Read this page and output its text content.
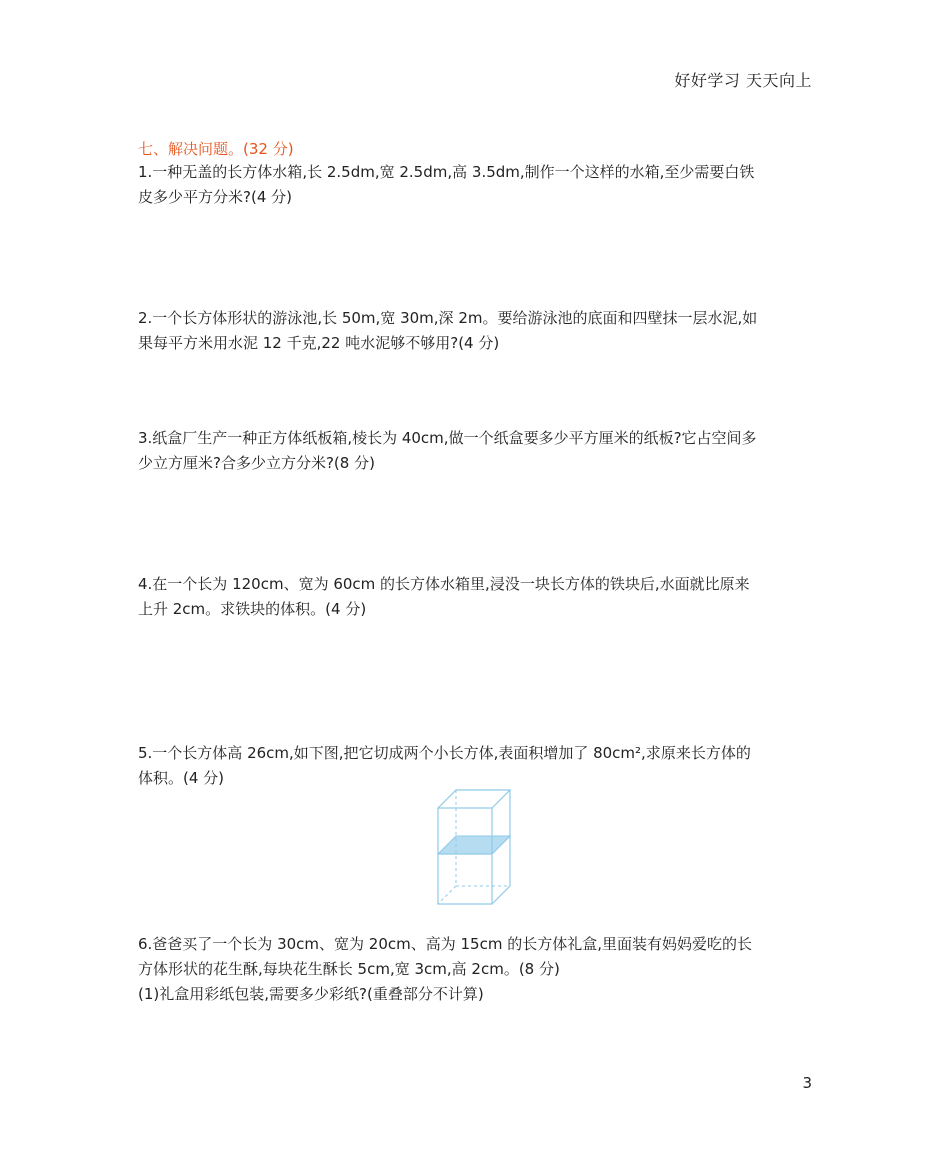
好好学习 天天向上
七、解决问题。(32 分)

1.一种无盖的长方体水箱,长 2.5dm,宽 2.5dm,高 3.5dm,制作一个这样的水箱,至少需要白铁

皮多少平方分米?(4 分)

2.一个长方体形状的游泳池,长 50m,宽 30m,深 2m。要给游泳池的底面和四壁抹一层水泥,如

果每平方米用水泥 12 千克,22 吨水泥够不够用?(4 分)

3.纸盒厂生产一种正方体纸板箱,棱长为 40cm,做一个纸盒要多少平方厘米的纸板?它占空间多

少立方厘米?合多少立方分米?(8 分)

4.在一个长为 120cm、宽为 60cm 的长方体水箱里,浸没一块长方体的铁块后,水面就比原来

上升 2cm。求铁块的体积。(4 分)

5.一个长方体高 26cm,如下图,把它切成两个小长方体,表面积增加了 80cm²,求原来长方体的

体积。(4 分)

6.爸爸买了一个长为 30cm、宽为 20cm、高为 15cm 的长方体礼盒,里面装有妈妈爱吃的长

方体形状的花生酥,每块花生酥长 5cm,宽 3cm,高 2cm。(8 分)

(1)礼盒用彩纸包装,需要多少彩纸?(重叠部分不计算)

3
